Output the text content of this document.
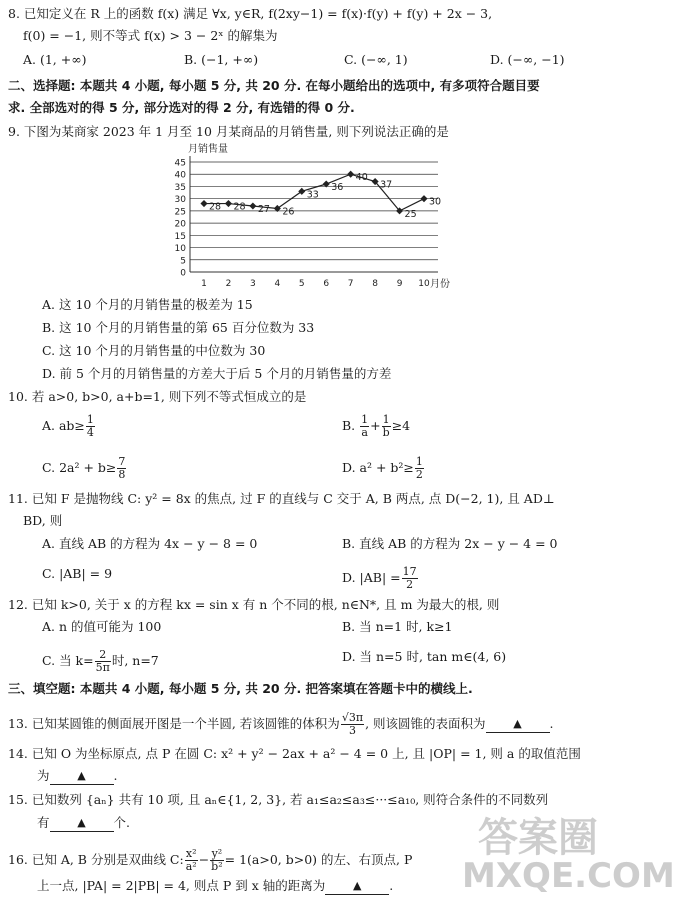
8. 已知定义在 R 上的函数 f(x) 满足 ∀x, y∈R, f(2xy−1) = f(x)·f(y) + f(y) + 2x − 3,
f(0) = −1, 则不等式 f(x) > 3 − 2ˣ 的解集为
A. (1, +∞)	B. (−1, +∞)	C. (−∞, 1)	D. (−∞, −1)
二、选择题: 本题共 4 小题, 每小题 5 分, 共 20 分. 在每小题给出的选项中, 有多项符合题目要
求. 全部选对的得 5 分, 部分选对的得 2 分, 有选错的得 0 分.
9. 下图为某商家 2023 年 1 月至 10 月某商品的月销售量, 则下列说法正确的是
月销售量
0
5
10
15
20
25
30
35
40
45
1 2 3 4 5 6 7 8 9 10
28 28 27 26
33
36
40
37
25
30
月份
A. 这 10 个月的月销售量的极差为 15
B. 这 10 个月的月销售量的第 65 百分位数为 33
C. 这 10 个月的月销售量的中位数为 30
D. 前 5 个月的月销售量的方差大于后 5 个月的月销售量的方差
10. 若 a>0, b>0, a+b=1, 则下列不等式恒成立的是
A. $ab\ge \frac{1}{4}$	B. $\frac{1}{a} + \frac{1}{b} \ge 4$
C. $2a^2 + b\ge \frac{7}{8}$	D. $a^2 + b^2\ge \frac{1}{2}$
11. 已知 F 是抛物线 C: y² = 8x 的焦点, 过 F 的直线与 C 交于 A, B 两点, 点 D(−2, 1), 且 AD⊥
BD, 则
A. 直线 AB 的方程为 4x − y − 8 = 0	B. 直线 AB 的方程为 2x − y − 4 = 0
C. |AB| = 9	D. $|AB| = \frac{17}{2}$
12. 已知 k>0, 关于 x 的方程 kx = sin x 有 n 个不同的根, n∈N*, 且 m 为最大的根, 则
A. n 的值可能为 100	B. 当 n=1 时, k≥1
C. 当 $k= \frac{2}{5\pi}$ 时, n=7	D. 当 n=5 时, tan m∈(4, 6)
三、填空题: 本题共 4 小题, 每小题 5 分, 共 20 分. 把答案填在答题卡中的横线上.
13. 已知某圆锥的侧面展开图是一个半圆, 若该圆锥的体积为 $\frac{√3\pi}{3}$ , 则该圆锥的表面积为	▲ .
14. 已知 O 为坐标原点, 点 P 在圆 C: x² + y² − 2ax + a² − 4 = 0 上, 且 |OP| = 1, 则 a 的取值范围
为	▲ .
15. 已知数列 {aₙ} 共有 10 项, 且 aₙ∈{1, 2, 3}, 若 a₁≤a₂≤a₃≤···≤a₁₀, 则符合条件的不同数列
有	▲ 个.
16. 已知 A, B 分别是双曲线 C: $\frac{\text{x²}}{\text{a²}} - \frac{\text{y²}}{\text{b²}} = 1(a>0$, b>0) 的左、右顶点, P
上一点, |PA| = 2|PB| = 4, 则点 P 到 x 轴的距离为	▲ .
答案圈
MXQE.COM
